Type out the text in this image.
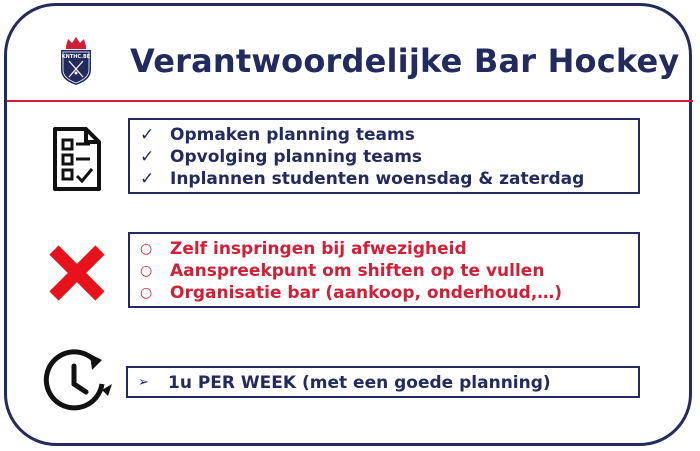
KNTHC.BE Verantwoordelijke Bar Hockey
✓ Opmaken planning teams
✓ Opvolging planning teams
✓ Inplannen studenten woensdag & zaterdag
○	Zelf inspringen bij afwezigheid
○	Aanspreekpunt om shiften op te vullen
○	Organisatie bar (aankoop, onderhoud,…)
➢	1u PER WEEK (met een goede planning)
